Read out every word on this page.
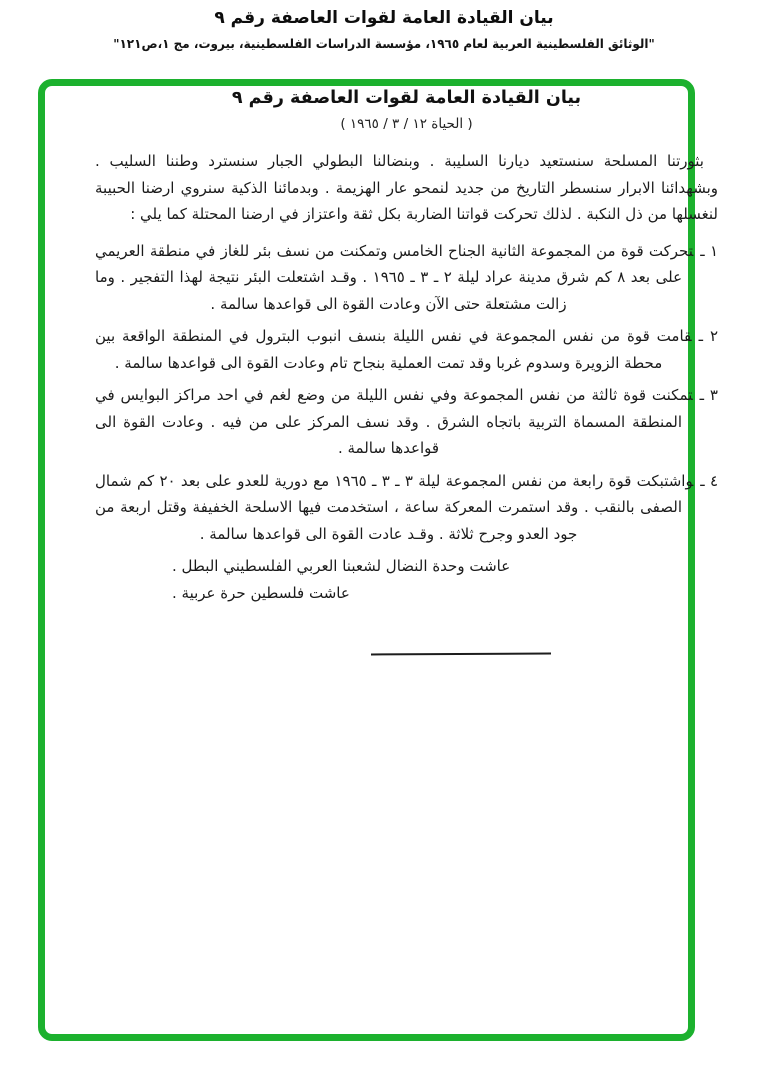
بيان القيادة العامة لقوات العاصفة رقم ٩
"الوثائق الفلسطينية العربية لعام ١٩٦٥، مؤسسة الدراسات الفلسطينية، بيروت، مج ١،ص١٢١"
بيان القيادة العامة لقوات العاصفة رقم ٩
( الحياة ١٢ / ٣ / ١٩٦٥ )

بثورتنا المسلحة سنستعيد ديارنا السليبة . وبنضالنا البطولي الجبار سنسترد وطننا السليب . وبشهدائنا الابرار سنسطر التاريخ من جديد لنمحو عار الهزيمة . وبدمائنا الذكية سنروي ارضنا الحبيبة لنغسلها من ذل النكبة . لذلك تحركت قواتنا الضاربة بكل ثقة واعتزاز في ارضنا المحتلة كما يلي :

١ ـتحركت قوة من المجموعة الثانية الجناح الخامس وتمكنت من نسف بئر للغاز في منطقة العريمي على بعد ٨ كم شرق مدينة عراد ليلة ٢ ـ ٣ ـ ١٩٦٥ . وقـد اشتعلت البئر نتيجة لهذا التفجير . وما زالت مشتعلة حتى الآن وعادت القوة الى قواعدها سالمة .

٢ ـقامت قوة من نفس المجموعة في نفس الليلة بنسف انبوب البترول في المنطقة الواقعة بين محطة الزويرة وسدوم غربا وقد تمت العملية بنجاح تام وعادت القوة الى قواعدها سالمة .

٣ ـتمكنت قوة ثالثة من نفس المجموعة وفي نفس الليلة من وضع لغم في احد مراكز البوايس في المنطقة المسماة التربية باتجاه الشرق . وقد نسف المركز على من فيه . وعادت القوة الى قواعدها سالمة .

٤ ـواشتبكت قوة رابعة من نفس المجموعة ليلة ٣ ـ ٣ ـ ١٩٦٥ مع دورية للعدو على بعد ٢٠ كم شمال الصفى بالنقب . وقد استمرت المعركة ساعة ، استخدمت فيها الاسلحة الخفيفة وقتل اربعة من جود العدو وجرح ثلاثة . وقـد عادت القوة الى قواعدها سالمة .

عاشت وحدة النضال لشعبنا العربي الفلسطيني البطل .

عاشت فلسطين حرة عربية .
